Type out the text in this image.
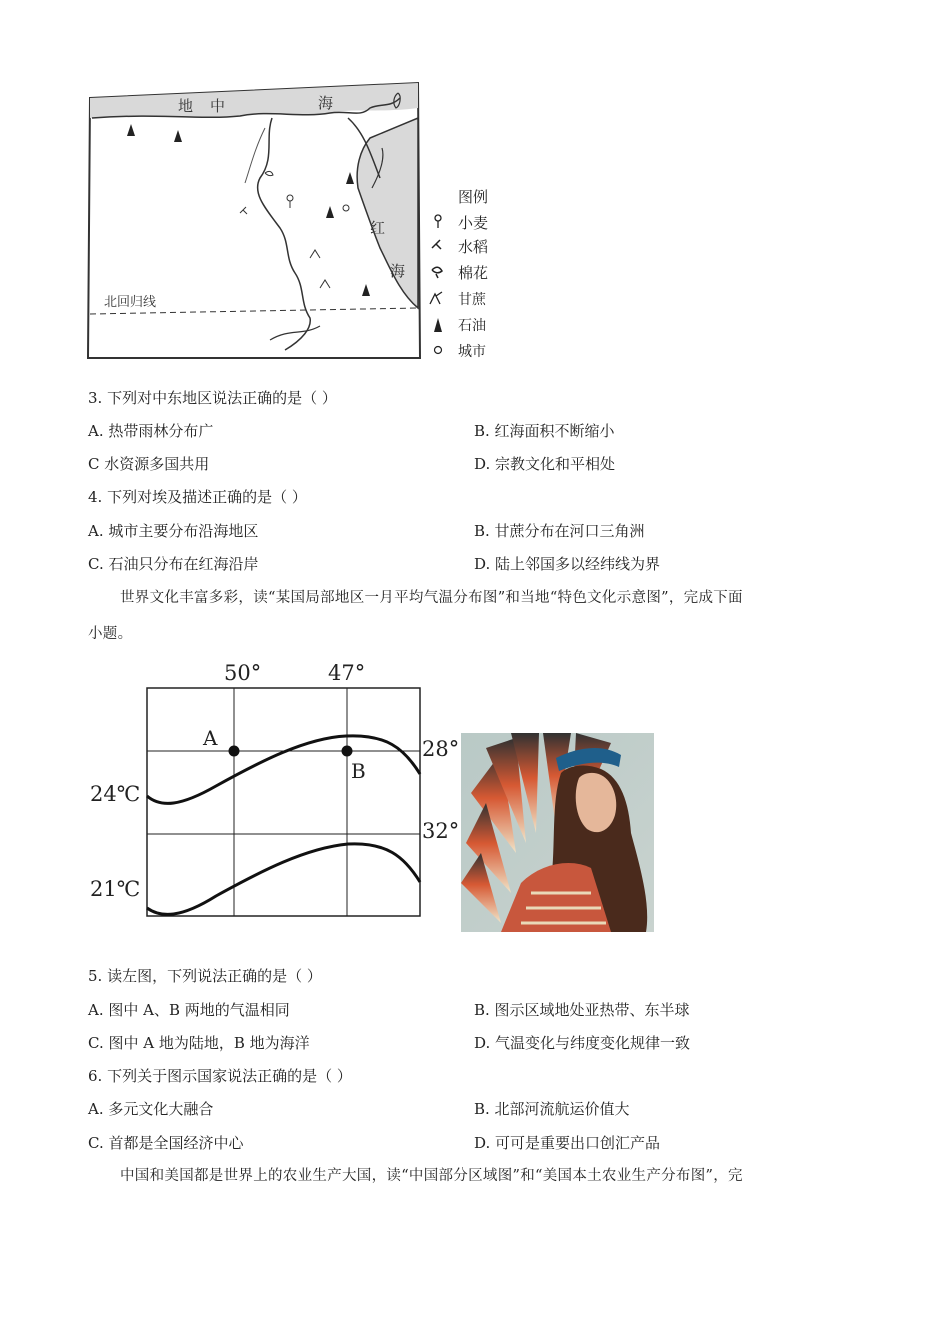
地 中	海
红
海
北回归线
图例
小麦
水稻
棉花
甘蔗
石油
城市
3. 下列对中东地区说法正确的是（ ）
A. 热带雨林分布广	B. 红海面积不断缩小
C 水资源多国共用	D. 宗教文化和平相处
4. 下列对埃及描述正确的是（ ）
A. 城市主要分布沿海地区	B. 甘蔗分布在河口三角洲
C. 石油只分布在红海沿岸	D. 陆上邻国多以经纬线为界
世界文化丰富多彩，读“某国局部地区一月平均气温分布图”和当地“特色文化示意图”，完成下面
小题。
A
B
50°	47°
28°
32°
24℃
21℃
5. 读左图，下列说法正确的是（ ）
A. 图中 A、B 两地的气温相同	B. 图示区域地处亚热带、东半球
C. 图中 A 地为陆地，B 地为海洋	D. 气温变化与纬度变化规律一致
6. 下列关于图示国家说法正确的是（ ）
A. 多元文化大融合	B. 北部河流航运价值大
C. 首都是全国经济中心	D. 可可是重要出口创汇产品
中国和美国都是世界上的农业生产大国，读“中国部分区域图”和“美国本土农业生产分布图”，完
